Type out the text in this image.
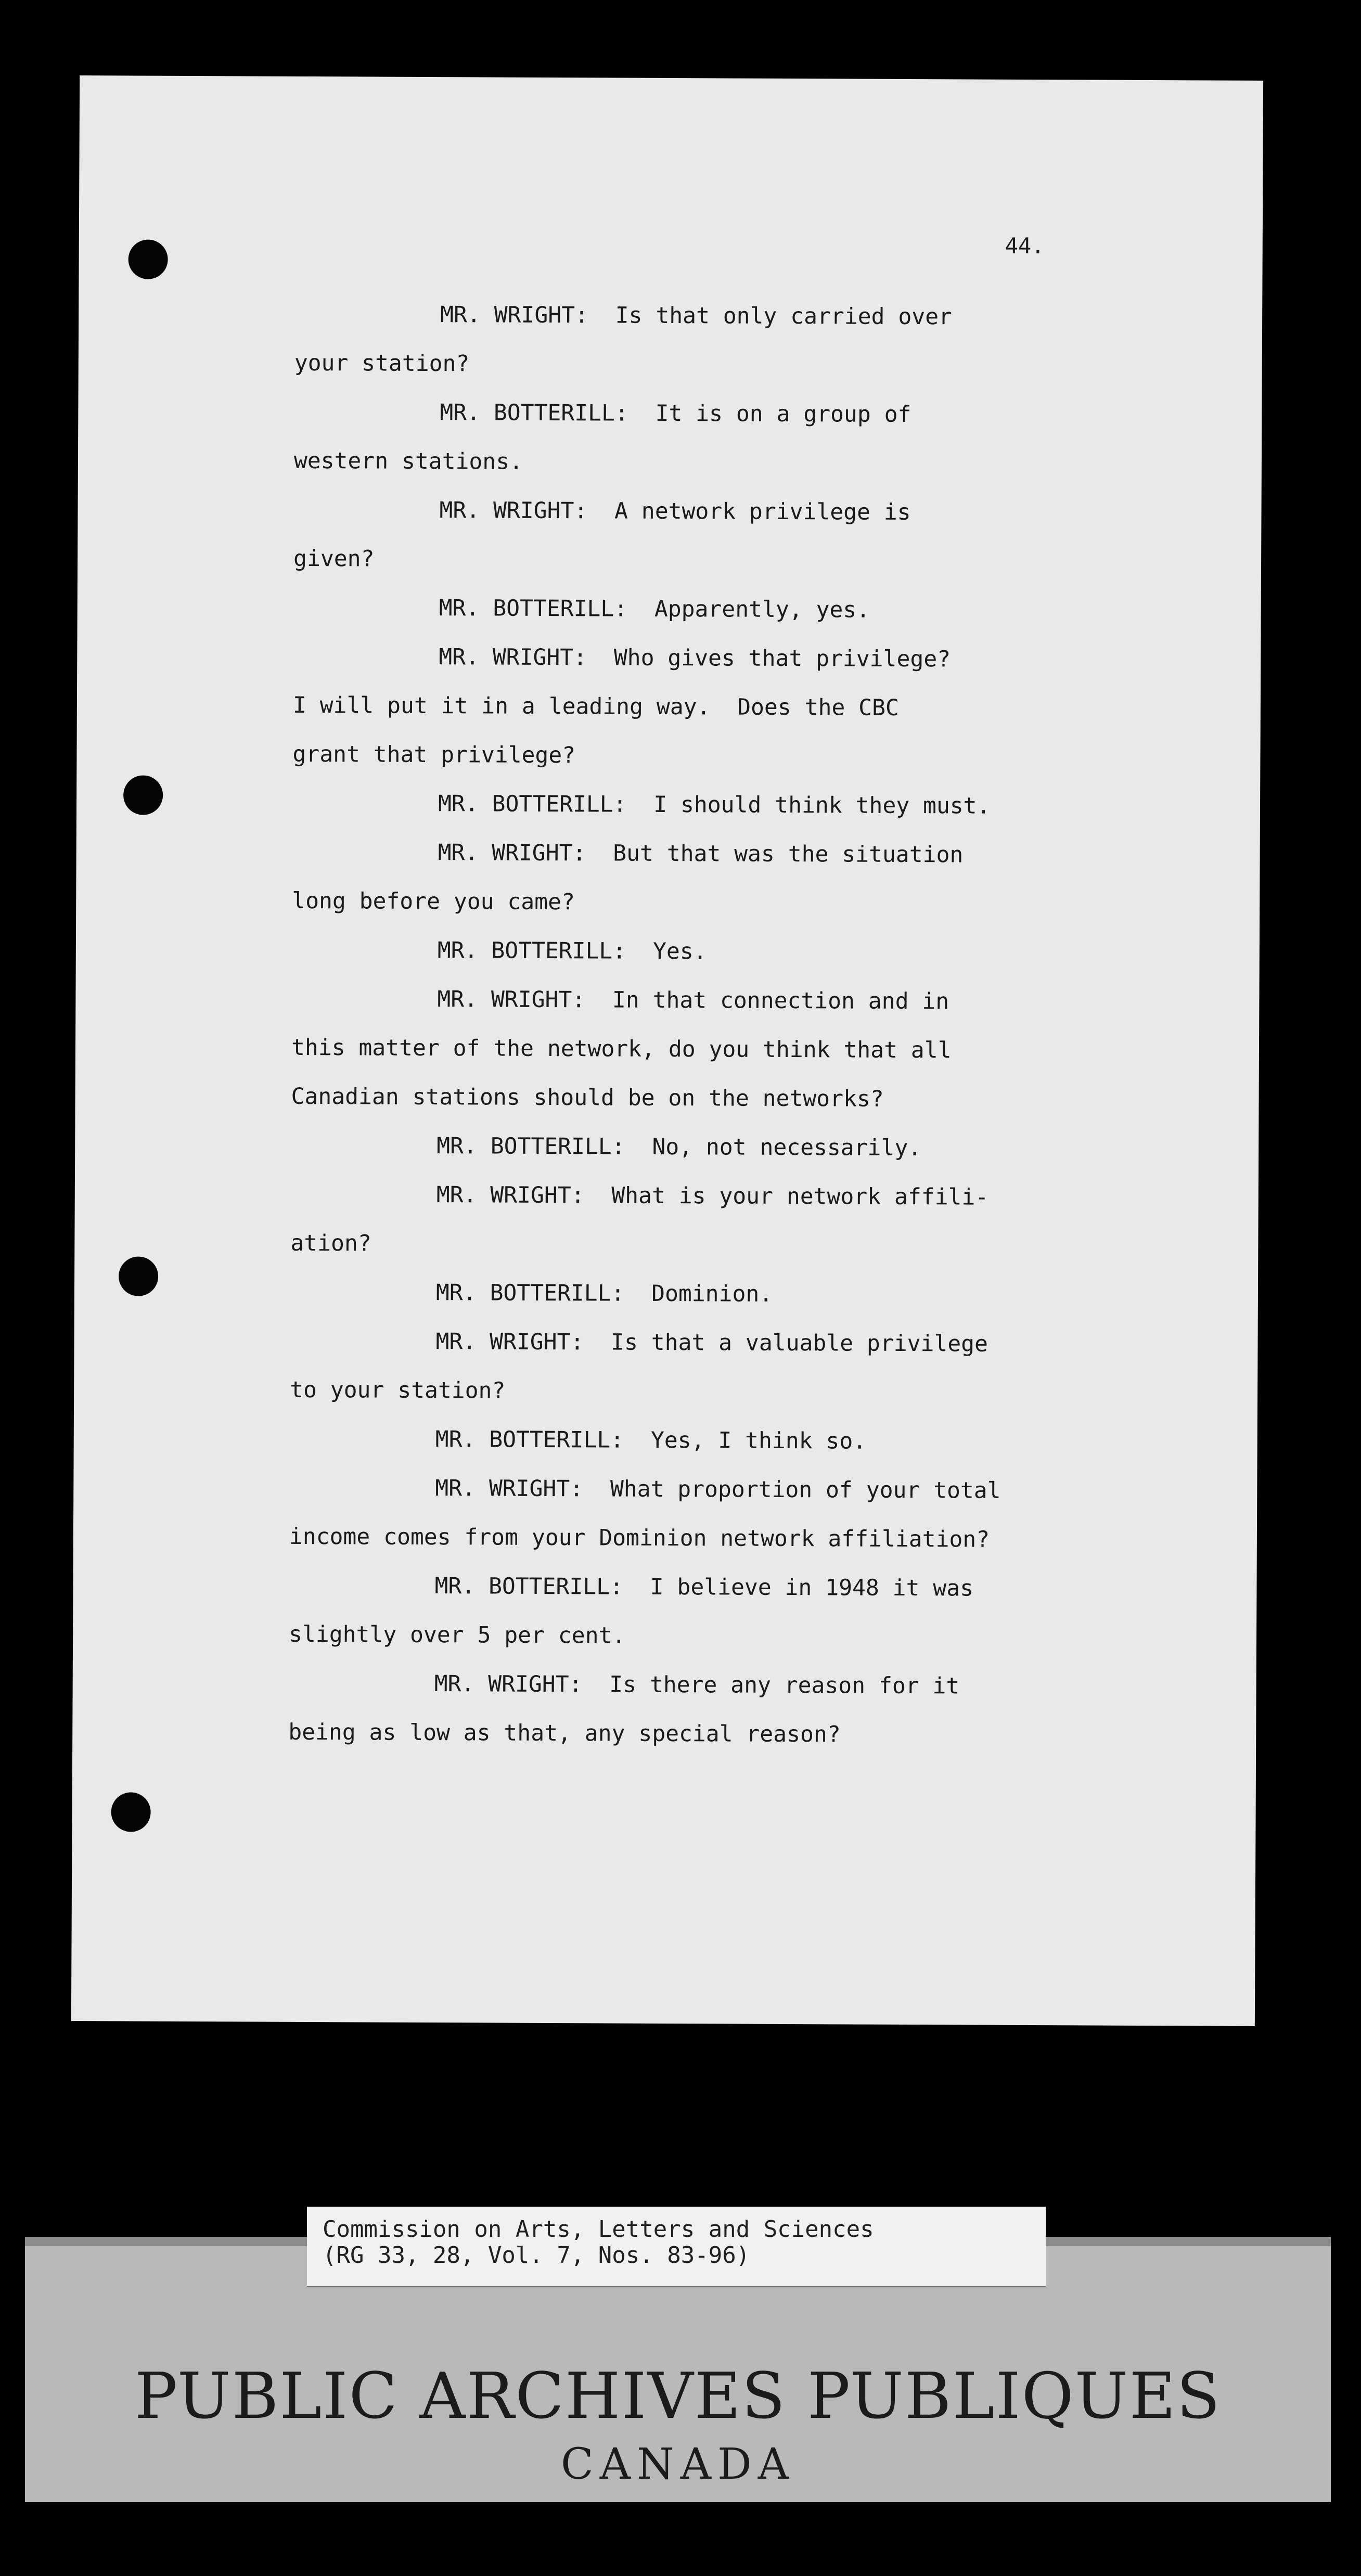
44.

MR. WRIGHT: Is that only carried over
your station?

MR. BOTTERILL: It is on a group of
western stations.

MR. WRIGHT: A network privilege is
given?

MR. BOTTERILL: Apparently, yes.

MR. WRIGHT: Who gives that privilege?
I will put it in a leading way.  Does the CBC
grant that privilege?

MR. BOTTERILL: I should think they must.

MR. WRIGHT: But that was the situation
long before you came?

MR. BOTTERILL: Yes.

MR. WRIGHT: In that connection and in
this matter of the network, do you think that all
Canadian stations should be on the networks?

MR. BOTTERILL: No, not necessarily.

MR. WRIGHT: What is your network affili-
ation?

MR. BOTTERILL: Dominion.

MR. WRIGHT: Is that a valuable privilege
to your station?

MR. BOTTERILL: Yes, I think so.

MR. WRIGHT: What proportion of your total
income comes from your Dominion network affiliation?

MR. BOTTERILL: I believe in 1948 it was
slightly over 5 per cent.

MR. WRIGHT: Is there any reason for it
being as low as that, any special reason?

Commission on Arts, Letters and Sciences
(RG 33, 28, Vol. 7, Nos. 83-96)
PUBLIC ARCHIVES PUBLIQUES
CANADA
